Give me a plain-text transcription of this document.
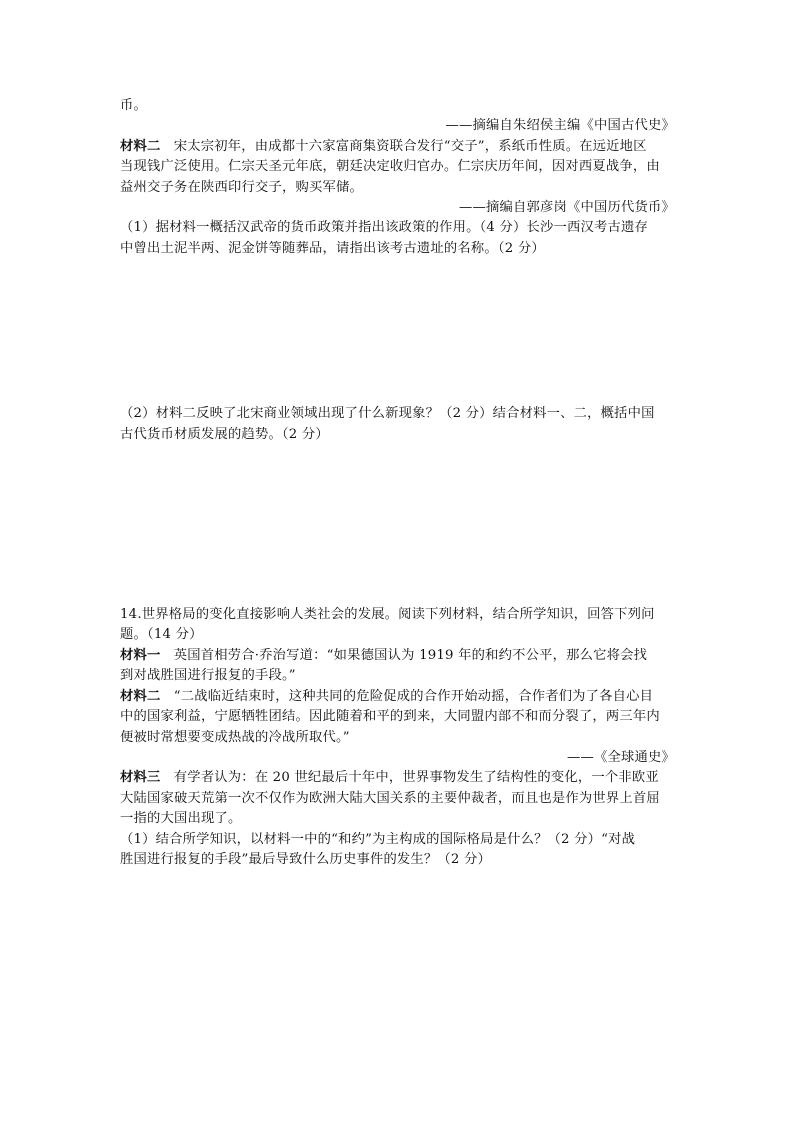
币。
——摘编自朱绍侯主编《中国古代史》
材料二 宋太宗初年，由成都十六家富商集资联合发行“交子”，系纸币性质。在远近地区
当现钱广泛使用。仁宗天圣元年底，朝廷决定收归官办。仁宗庆历年间，因对西夏战争，由
益州交子务在陕西印行交子，购买军储。
——摘编自郭彦岗《中国历代货币》
（1）据材料一概括汉武帝的货币政策并指出该政策的作用。（4 分）长沙一西汉考古遗存
中曾出土泥半两、泥金饼等随葬品，请指出该考古遗址的名称。（2 分）
（2）材料二反映了北宋商业领域出现了什么新现象？（2 分）结合材料一、二，概括中国
古代货币材质发展的趋势。（2 分）
14.世界格局的变化直接影响人类社会的发展。阅读下列材料，结合所学知识，回答下列问
题。（14 分）
材料一 英国首相劳合·乔治写道：“如果德国认为 1919 年的和约不公平，那么它将会找
到对战胜国进行报复的手段。”
材料二 “二战临近结束时，这种共同的危险促成的合作开始动摇，合作者们为了各自心目
中的国家利益，宁愿牺牲团结。因此随着和平的到来，大同盟内部不和而分裂了，两三年内
便被时常想要变成热战的冷战所取代。”
——《全球通史》
材料三 有学者认为：在 20 世纪最后十年中，世界事物发生了结构性的变化，一个非欧亚
大陆国家破天荒第一次不仅作为欧洲大陆大国关系的主要仲裁者，而且也是作为世界上首屈
一指的大国出现了。
（1）结合所学知识，以材料一中的“和约”为主构成的国际格局是什么？（2 分）“对战
胜国进行报复的手段”最后导致什么历史事件的发生？（2 分）
